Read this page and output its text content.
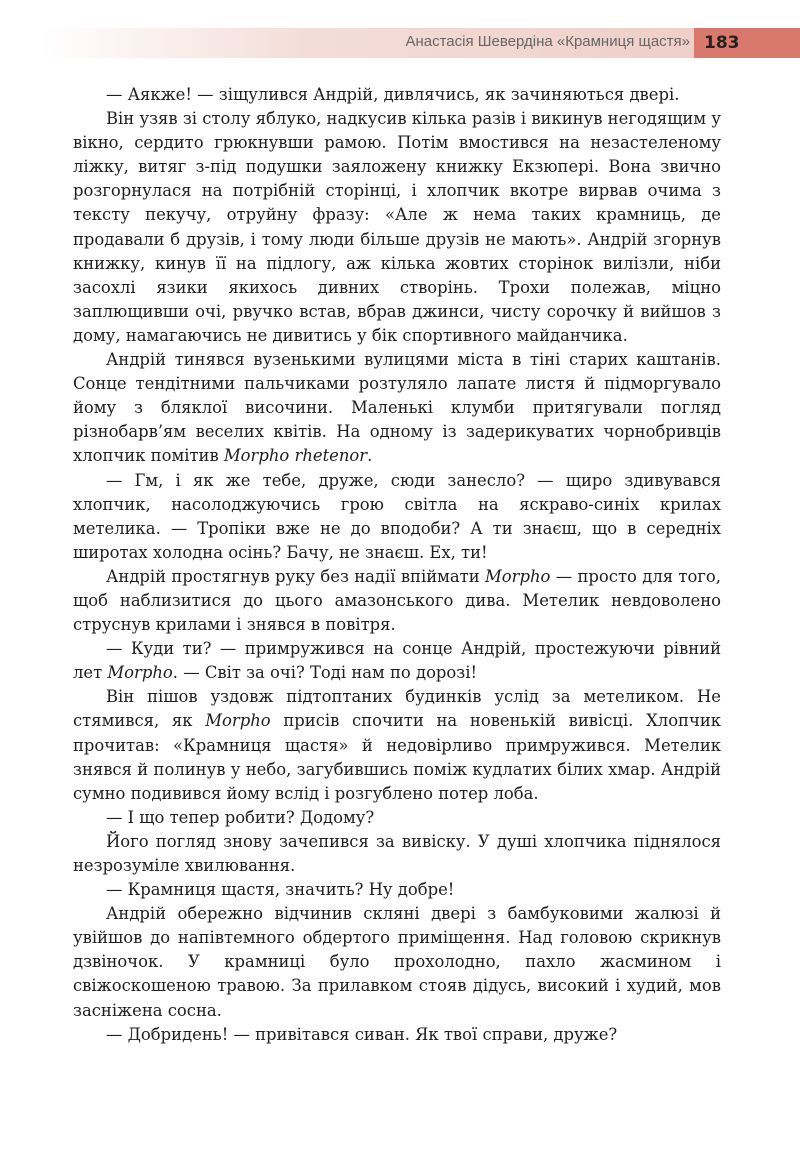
Анастасія Шевердіна «Крамниця щастя» 183

— Аякже! — зіщулився Андрій, дивлячись, як зачиняються двері.

Він узяв зі столу яблуко, надкусив кілька разів і викинув негодящим у вікно, сердито грюкнувши рамою. Потім вмостився на незастеленому ліжку, витяг з-під подушки заяложену книжку Екзюпері. Вона звично розгорнулася на потрібній сторінці, і хлопчик вкотре вирвав очима з тексту пекучу, отруйну фразу: «Але ж нема таких крамниць, де продавали б друзів, і тому люди більше друзів не мають». Андрій згорнув книжку, кинув її на підлогу, аж кілька жовтих сторінок вилізли, ніби засохлі язики якихось дивних створінь. Трохи полежав, міцно заплющивши очі, рвучко встав, вбрав джинси, чисту сорочку й вийшов з дому, намагаючись не дивитись у бік спортивного майданчика.

Андрій тинявся вузенькими вулицями міста в тіні старих каштанів. Сонце тендітними пальчиками розтуляло лапате листя й підморгувало йому з бляклої височини. Маленькі клумби притягували погляд різнобарв’ям веселих квітів. На одному із задерикуватих чорнобривців хлопчик помітив Morpho rhetenor.

— Гм, і як же тебе, друже, сюди занесло? — щиро здивувався хлопчик, насолоджуючись грою світла на яскраво-синіх крилах метелика. — Тропіки вже не до вподоби? А ти знаєш, що в середніх широтах холодна осінь? Бачу, не знаєш. Ех, ти!

Андрій простягнув руку без надії впіймати Morpho — просто для того, щоб наблизитися до цього амазонського дива. Метелик невдоволено струснув крилами і знявся в повітря.

— Куди ти? — примружився на сонце Андрій, простежуючи рівний лет Morpho. — Світ за очі? Тоді нам по дорозі!

Він пішов уздовж підтоптаних будинків услід за метеликом. Не стямився, як Morpho присів спочити на новенькій вивісці. Хлопчик прочитав: «Крамниця щастя» й недовірливо примружився. Метелик знявся й полинув у небо, загубившись поміж кудлатих білих хмар. Андрій сумно подивився йому вслід і розгублено потер лоба.

— І що тепер робити? Додому?

Його погляд знову зачепився за вивіску. У душі хлопчика піднялося незрозуміле хвилювання.

— Крамниця щастя, значить? Ну добре!

Андрій обережно відчинив скляні двері з бамбуковими жалюзі й увійшов до напівтемного обдертого приміщення. Над головою скрикнув дзвіночок. У крамниці було прохолодно, пахло жасмином і свіжоскошеною травою. За прилавком стояв дідусь, високий і худий, мов засніжена сосна.

— Добридень! — привітався сиван. Як твої справи, друже?
